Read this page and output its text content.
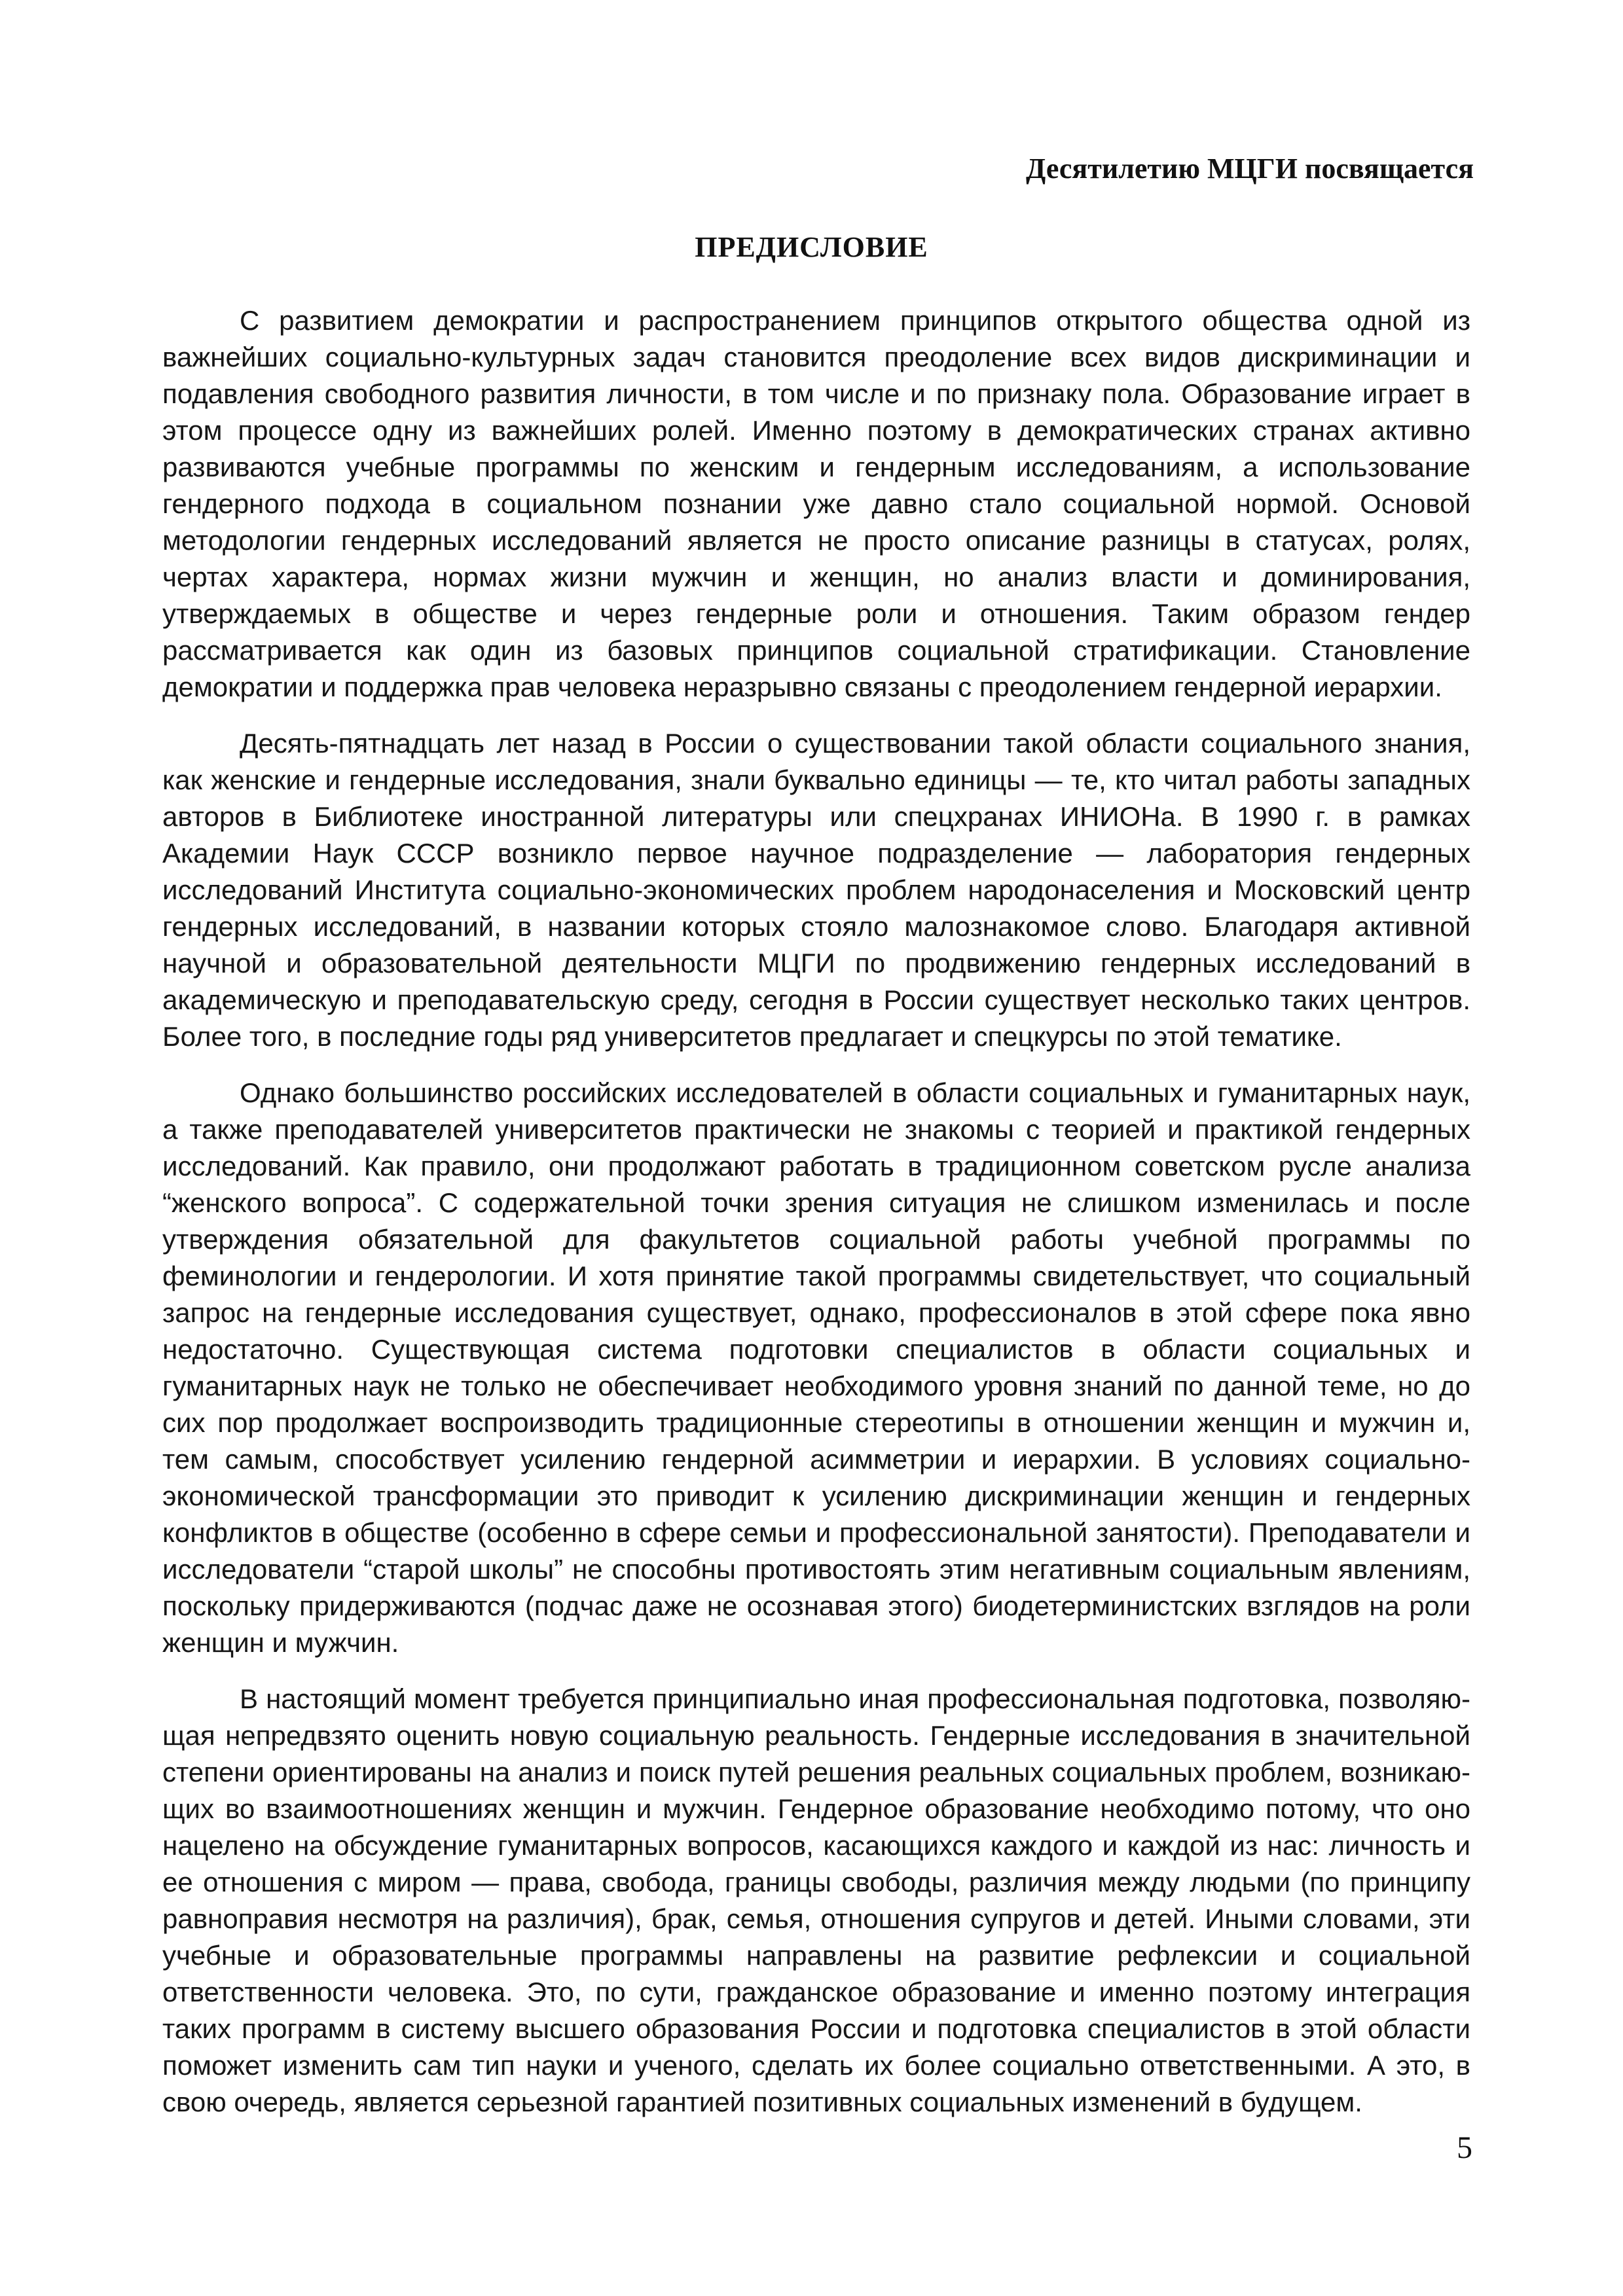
Десятилетию МЦГИ посвящается
ПРЕДИСЛОВИЕ

С развитием демократии и распространением принципов открытого общества одной из важнейших социально-культурных задач становится преодоление всех видов дискриминации и подавления свободного развития личности, в том числе и по признаку пола. Образование играет в этом процессе одну из важнейших ролей. Именно поэтому в демократических странах активно развиваются учебные программы по женским и гендерным исследованиям, а использование гендерного подхода в социальном познании уже давно стало социальной нормой. Основой методологии гендерных исследований является не просто описание разницы в статусах, ролях, чертах характера, нормах жизни мужчин и женщин, но анализ власти и доминирования, утверждаемых в обществе и через гендерные роли и отношения. Таким образом гендер рассматривается как один из базовых принципов социальной стратификации. Становление демократии и поддержка прав человека неразрывно связаны с преодолением гендерной иерархии.

Десять-пятнадцать лет назад в России о существовании такой области социального знания, как женские и гендерные исследования, знали буквально единицы — те, кто читал работы западных авторов в Библиотеке иностранной литературы или спецхранах ИНИОНа. В 1990 г. в рамках Академии Наук СССР возникло первое научное подразделение — лаборатория гендерных исследований Института социально-экономических проблем народонаселения и Московский центр гендерных исследований, в названии которых стояло малознакомое слово. Благодаря активной научной и образовательной деятельности МЦГИ по продвижению гендерных исследований в академическую и преподавательскую среду, сегодня в России существует несколько таких центров. Более того, в последние годы ряд университетов предлагает и спецкурсы по этой тематике.

Однако большинство российских исследователей в области социальных и гуманитарных наук, а также преподавателей университетов практически не знакомы с теорией и практикой гендерных исследований. Как правило, они продолжают работать в традиционном советском русле анализа “женского вопроса”. С содержательной точки зрения ситуация не слишком изменилась и после утверждения обязательной для факультетов социальной работы учебной программы по феминологии и гендерологии. И хотя принятие такой программы свидетельствует, что социальный запрос на гендерные исследования существует, однако, профессионалов в этой сфере пока явно недостаточно. Существующая система подготовки специалистов в области социальных и гуманитарных наук не только не обеспечивает необходимого уровня знаний по данной теме, но до сих пор продолжает воспроизводить традиционные стереотипы в отношении женщин и мужчин и, тем самым, способствует усилению гендерной асимметрии и иерархии. В условиях социально-экономической трансформации это приводит к усилению дискриминации женщин и гендерных конфликтов в обществе (особенно в сфере семьи и профессиональной занятости). Преподаватели и исследователи “старой школы” не способны противостоять этим негативным социальным явлениям, поскольку придерживаются (подчас даже не осознавая этого) биодетерминистских взглядов на роли женщин и мужчин.

В настоящий момент требуется принципиально иная профессиональная подготовка, позволяющая непредвзято оценить новую социальную реальность. Гендерные исследования в значительной степени ориентированы на анализ и поиск путей решения реальных социальных проблем, возникающих во взаимоотношениях женщин и мужчин. Гендерное образование необходимо потому, что оно нацелено на обсуждение гуманитарных вопросов, касающихся каждого и каждой из нас: личность и ее отношения с миром — права, свобода, границы свободы, различия между людьми (по принципу равноправия несмотря на различия), брак, семья, отношения супругов и детей. Иными словами, эти учебные и образовательные программы направлены на развитие рефлексии и социальной ответственности человека. Это, по сути, гражданское образование и именно поэтому интеграция таких программ в систему высшего образования России и подготовка специалистов в этой области поможет изменить сам тип науки и ученого, сделать их более социально ответственными. А это, в свою очередь, является серьезной гарантией позитивных социальных изменений в будущем.

5
